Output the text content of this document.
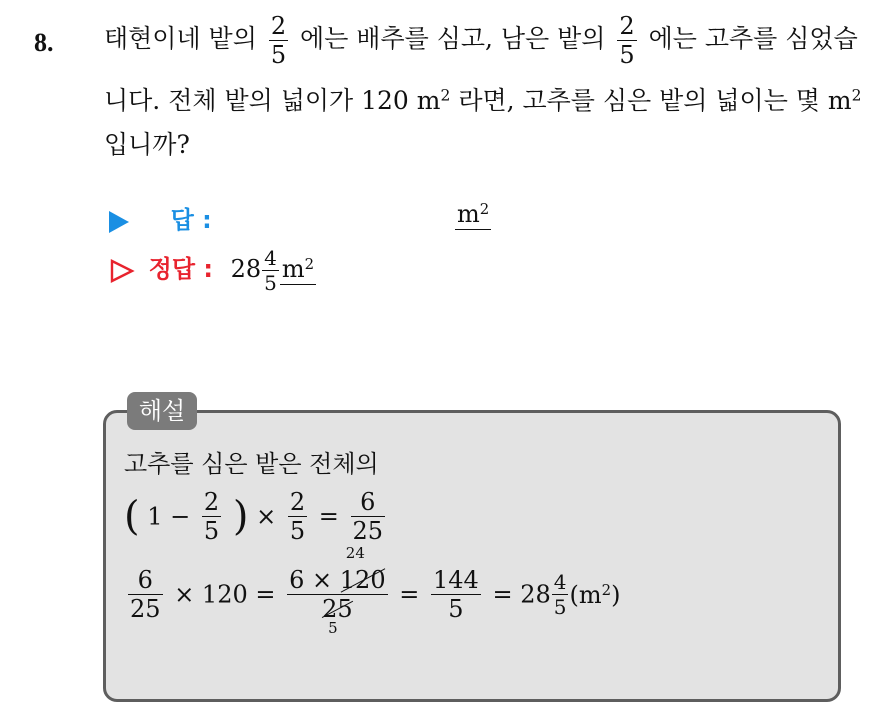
8. 태현이네 밭의 $\frac{2}{5}$ 에는 배추를 심고, 남은 밭의 $\frac{2}{5}$ 에는 고추를 심었습
니다. 전체 밭의 넓이가 120 $m^2$ 라면, 고추를 심은 밭의 넓이는 몇 $m^2$
입니까?
답 :	$m^2$
정답 : $28 \frac{4}{5} m^2$
해설
고추를 심은 밭은 전체의
( $1 - \frac{2}{5}$ ) × $\frac{2}{5} = \frac{6}{25}$
$\frac{6}{25} \times 120 = 6 \times 120$
24
25
$5 = \frac{144}{5} = 28 \frac{4}{5} (m^2)$
